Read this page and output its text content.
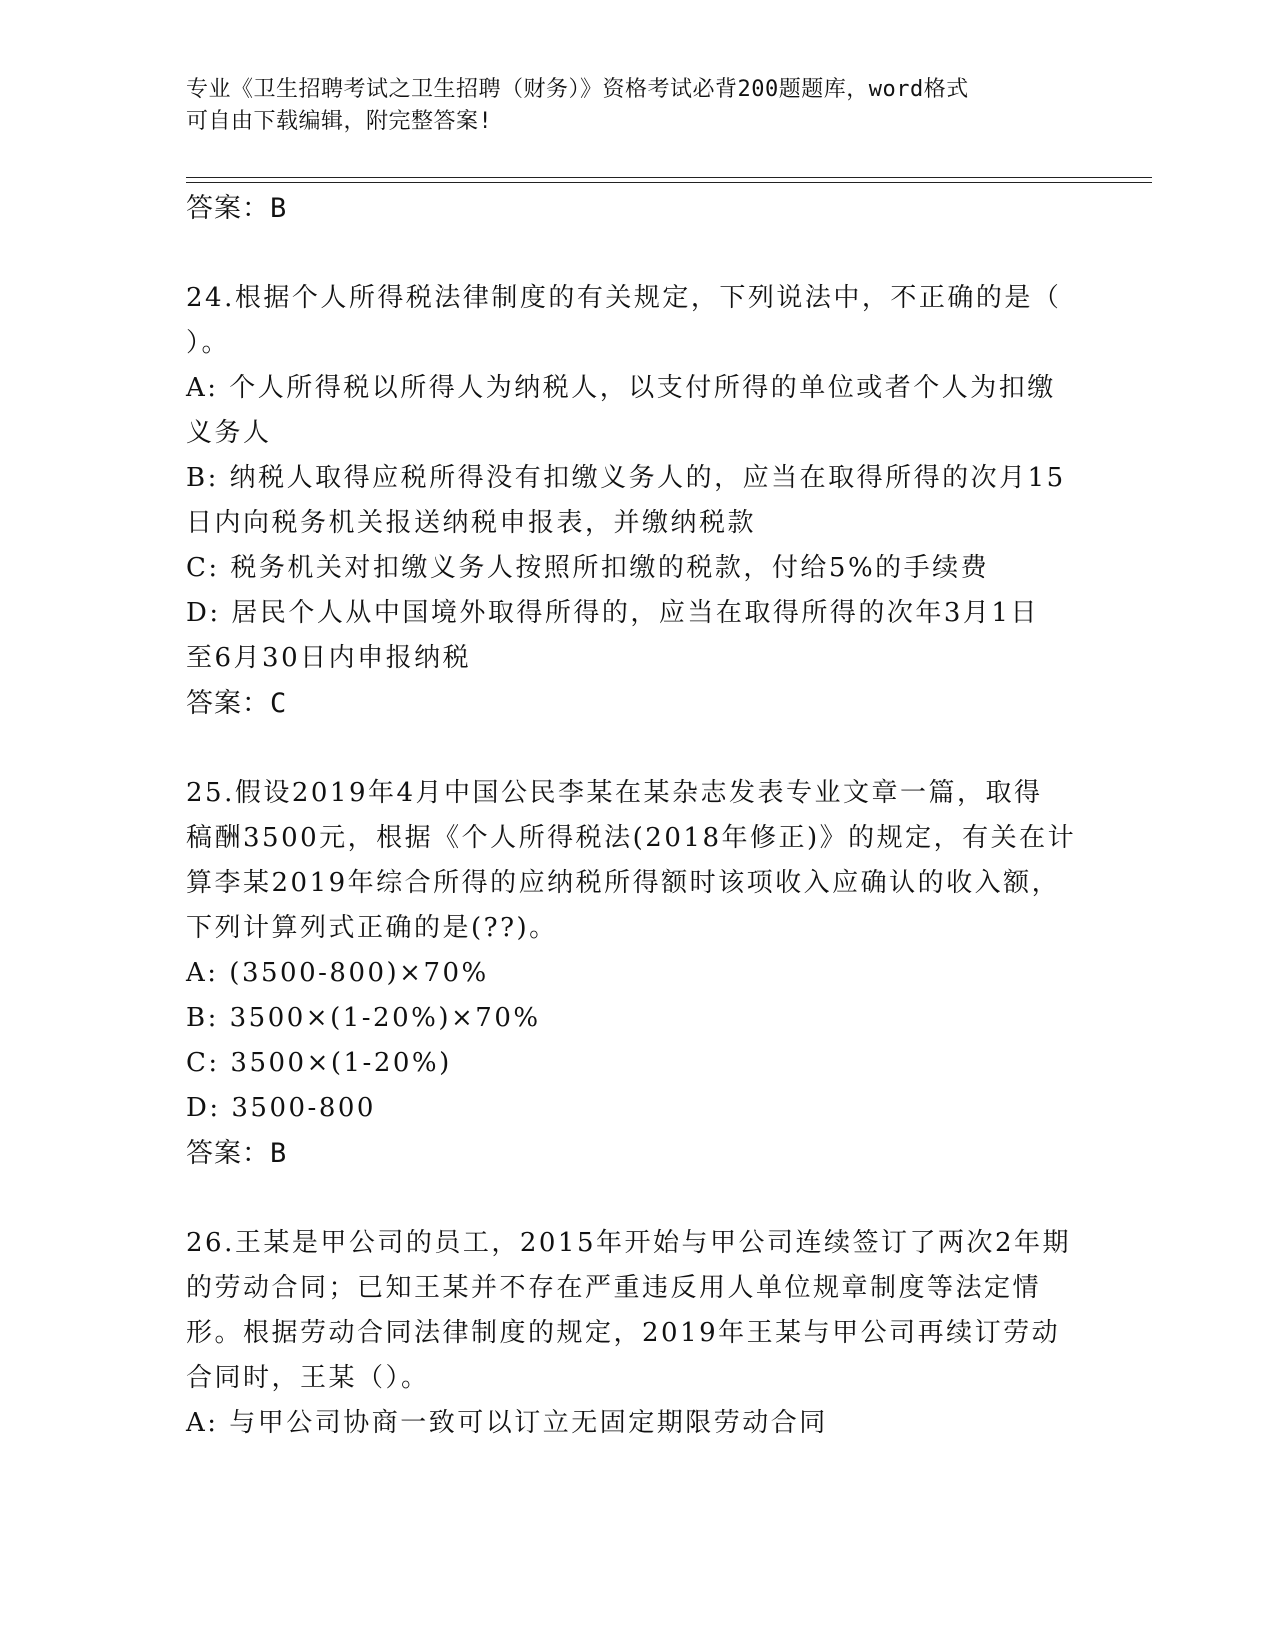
专业《卫生招聘考试之卫生招聘（财务）》资格考试必背200题题库，word格式
可自由下载编辑，附完整答案!
答案：B
24.根据个人所得税法律制度的有关规定，下列说法中，不正确的是（
）。
A: 个人所得税以所得人为纳税人，以支付所得的单位或者个人为扣缴
义务人
B: 纳税人取得应税所得没有扣缴义务人的，应当在取得所得的次月15
日内向税务机关报送纳税申报表，并缴纳税款
C: 税务机关对扣缴义务人按照所扣缴的税款，付给5%的手续费
D: 居民个人从中国境外取得所得的，应当在取得所得的次年3月1日
至6月30日内申报纳税
答案：C
25.假设2019年4月中国公民李某在某杂志发表专业文章一篇，取得
稿酬3500元，根据《个人所得税法(2018年修正)》的规定，有关在计
算李某2019年综合所得的应纳税所得额时该项收入应确认的收入额，
下列计算列式正确的是(??)。
A: (3500-800)×70%
B: 3500×(1-20%)×70%
C: 3500×(1-20%)
D: 3500-800
答案：B
26.王某是甲公司的员工，2015年开始与甲公司连续签订了两次2年期
的劳动合同；已知王某并不存在严重违反用人单位规章制度等法定情
形。根据劳动合同法律制度的规定，2019年王某与甲公司再续订劳动
合同时，王某（）。
A: 与甲公司协商一致可以订立无固定期限劳动合同
